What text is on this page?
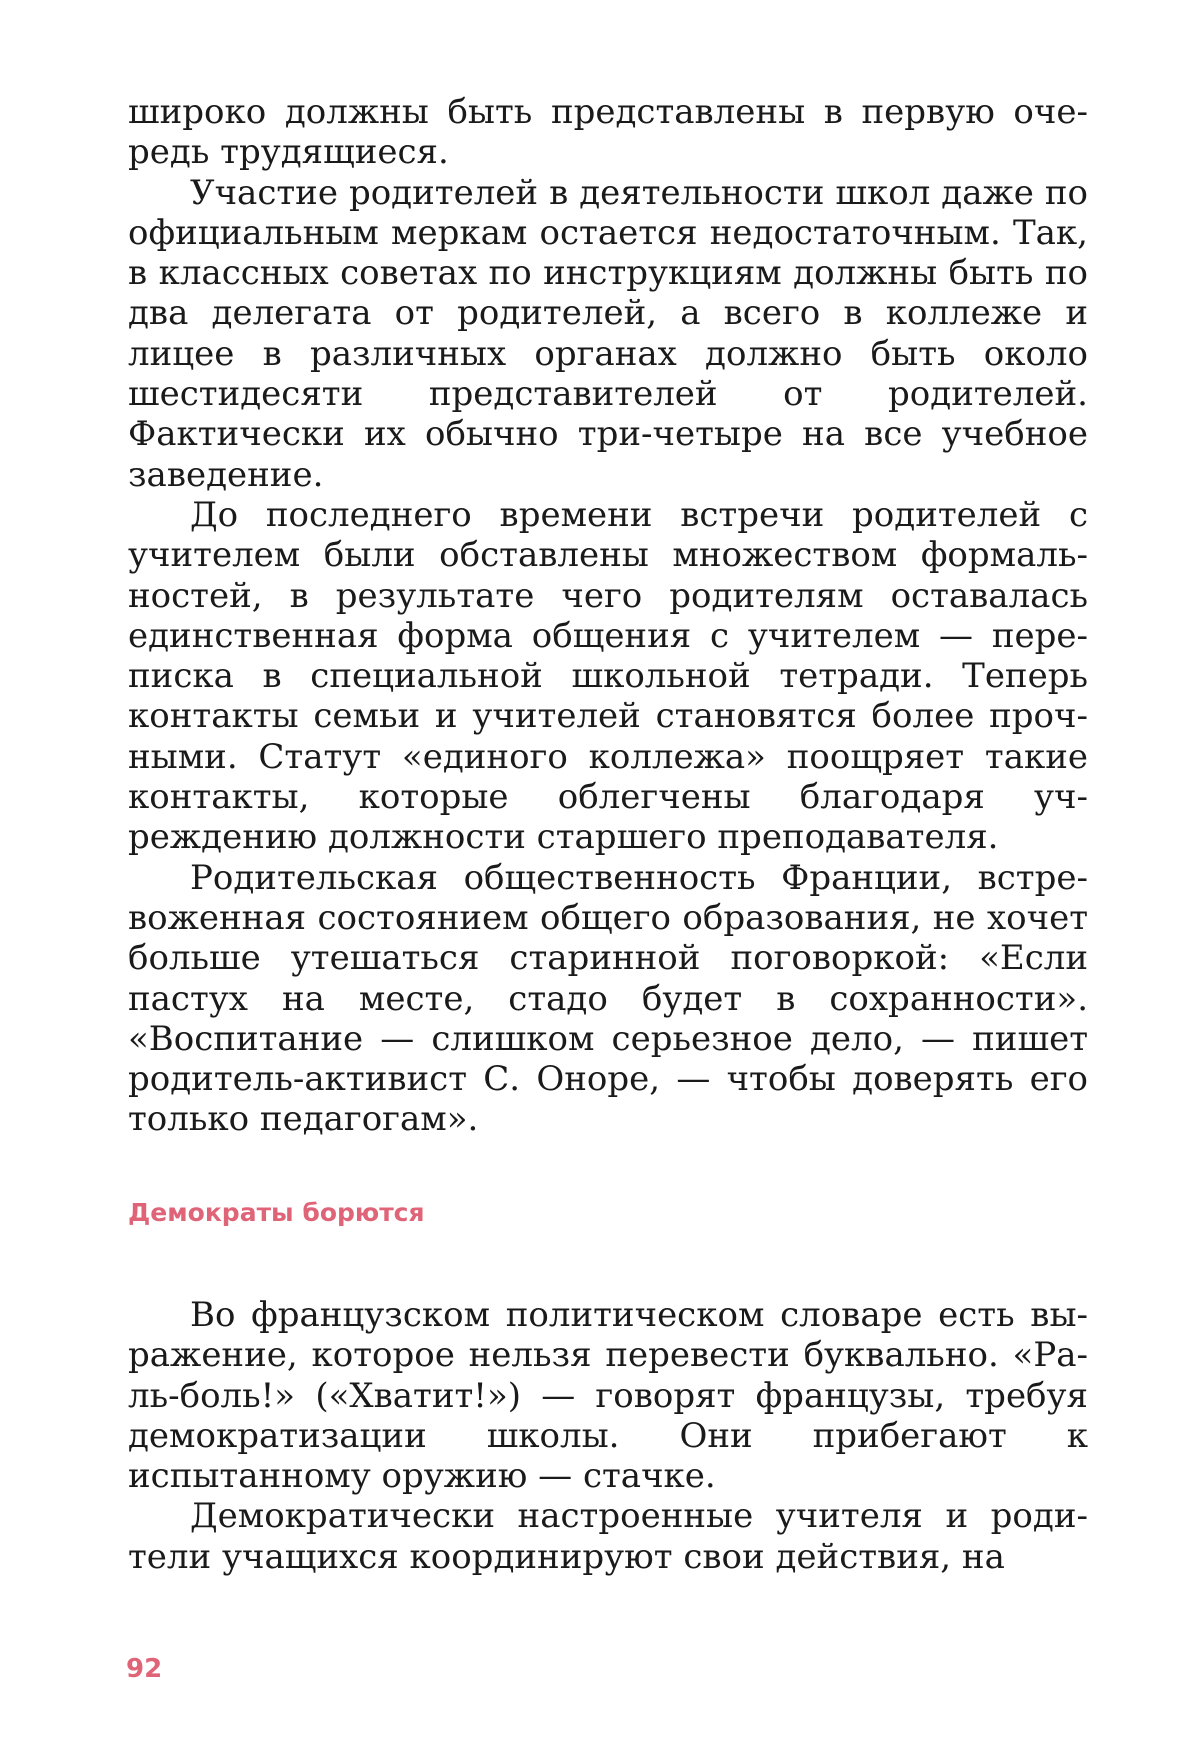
широко должны быть представлены в первую очередь трудящиеся.

Участие родителей в деятельности школ даже по официальным меркам остается недостаточным. Так, в классных советах по инструкциям должны быть по два делегата от родителей, а всего в коллеже и лицее в различных органах должно быть около шестидесяти представителей от родителей. Фактически их обычно три-четыре на все учебное заведение.

До последнего времени встречи родителей с учителем были обставлены множеством формальностей, в результате чего родителям оставалась единственная форма общения с учителем — переписка в специальной школьной тетради. Теперь контакты семьи и учителей становятся более прочными. Статут «единого коллежа» поощряет такие контакты, которые облегчены благодаря учреждению должности старшего преподавателя.

Родительская общественность Франции, встревоженная состоянием общего образования, не хочет больше утешаться старинной поговоркой: «Если пастух на месте, стадо будет в сохранности». «Воспитание — слишком серьезное дело, — пишет родитель-активист С. Оноре, — чтобы доверять его только педагогам».

Демократы борются

Во французском политическом словаре есть выражение, которое нельзя перевести буквально. «Ра-ль-боль!» («Хватит!») — говорят французы, требуя демократизации школы. Они прибегают к испытанному оружию — стачке.

Демократически настроенные учителя и родители учащихся координируют свои действия, на

92
